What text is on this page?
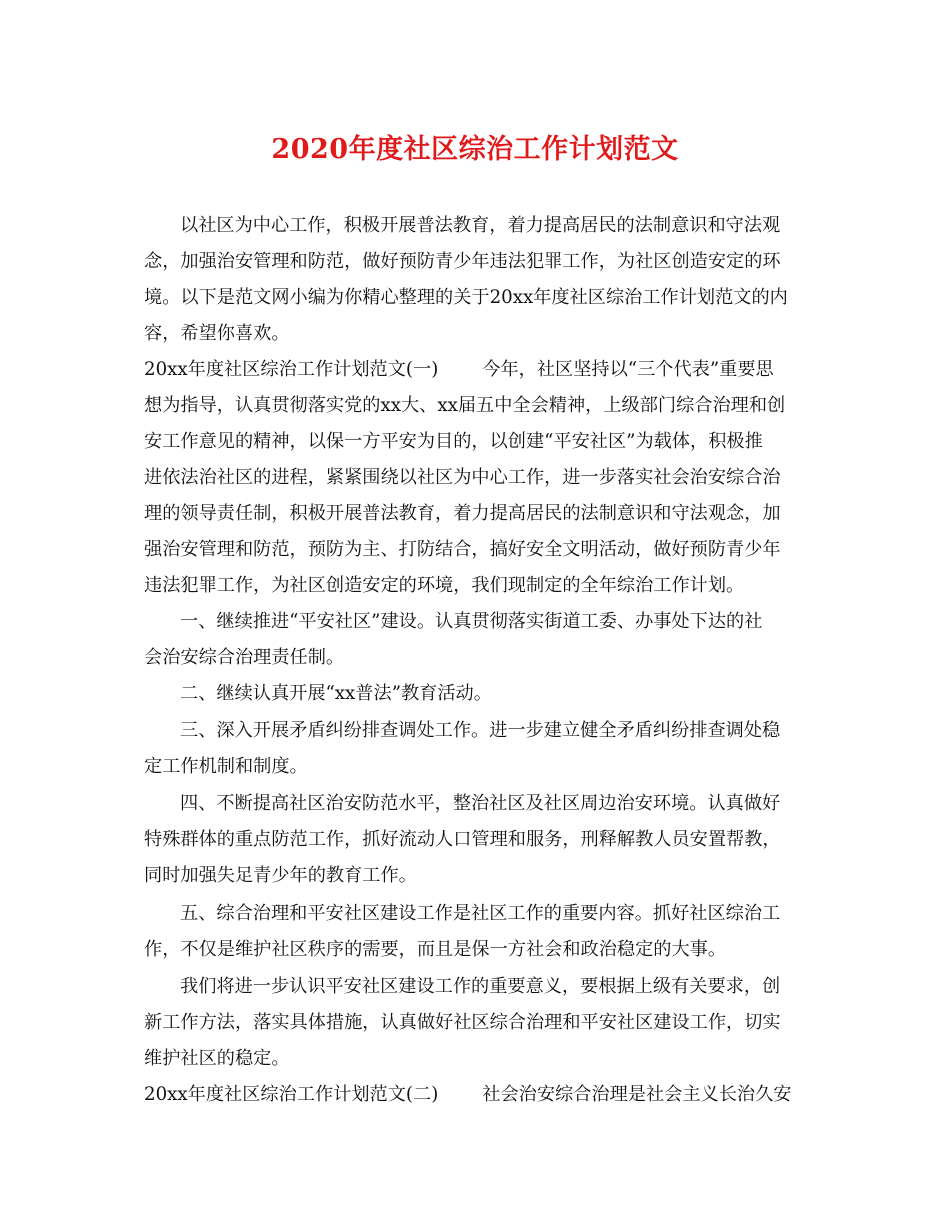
2020年度社区综治工作计划范文
以社区为中心工作，积极开展普法教育，着力提高居民的法制意识和守法观
念，加强治安管理和防范，做好预防青少年违法犯罪工作，为社区创造安定的环
境。以下是范文网小编为你精心整理的关于20xx年度社区综治工作计划范文的内
容，希望你喜欢。
20xx年度社区综治工作计划范文(一) 今年，社区坚持以“三个代表”重要思
想为指导，认真贯彻落实党的xx大、xx届五中全会精神，上级部门综合治理和创
安工作意见的精神，以保一方平安为目的，以创建“平安社区”为载体，积极推
进依法治社区的进程，紧紧围绕以社区为中心工作，进一步落实社会治安综合治
理的领导责任制，积极开展普法教育，着力提高居民的法制意识和守法观念，加
强治安管理和防范，预防为主、打防结合，搞好安全文明活动，做好预防青少年
违法犯罪工作，为社区创造安定的环境，我们现制定的全年综治工作计划。
一、继续推进“平安社区”建设。认真贯彻落实街道工委、办事处下达的社
会治安综合治理责任制。
二、继续认真开展“xx普法”教育活动。
三、深入开展矛盾纠纷排查调处工作。进一步建立健全矛盾纠纷排查调处稳
定工作机制和制度。
四、不断提高社区治安防范水平，整治社区及社区周边治安环境。认真做好
特殊群体的重点防范工作，抓好流动人口管理和服务，刑释解教人员安置帮教，
同时加强失足青少年的教育工作。
五、综合治理和平安社区建设工作是社区工作的重要内容。抓好社区综治工
作，不仅是维护社区秩序的需要，而且是保一方社会和政治稳定的大事。
我们将进一步认识平安社区建设工作的重要意义，要根据上级有关要求，创
新工作方法，落实具体措施，认真做好社区综合治理和平安社区建设工作，切实
维护社区的稳定。
20xx年度社区综治工作计划范文(二) 社会治安综合治理是社会主义长治久安
